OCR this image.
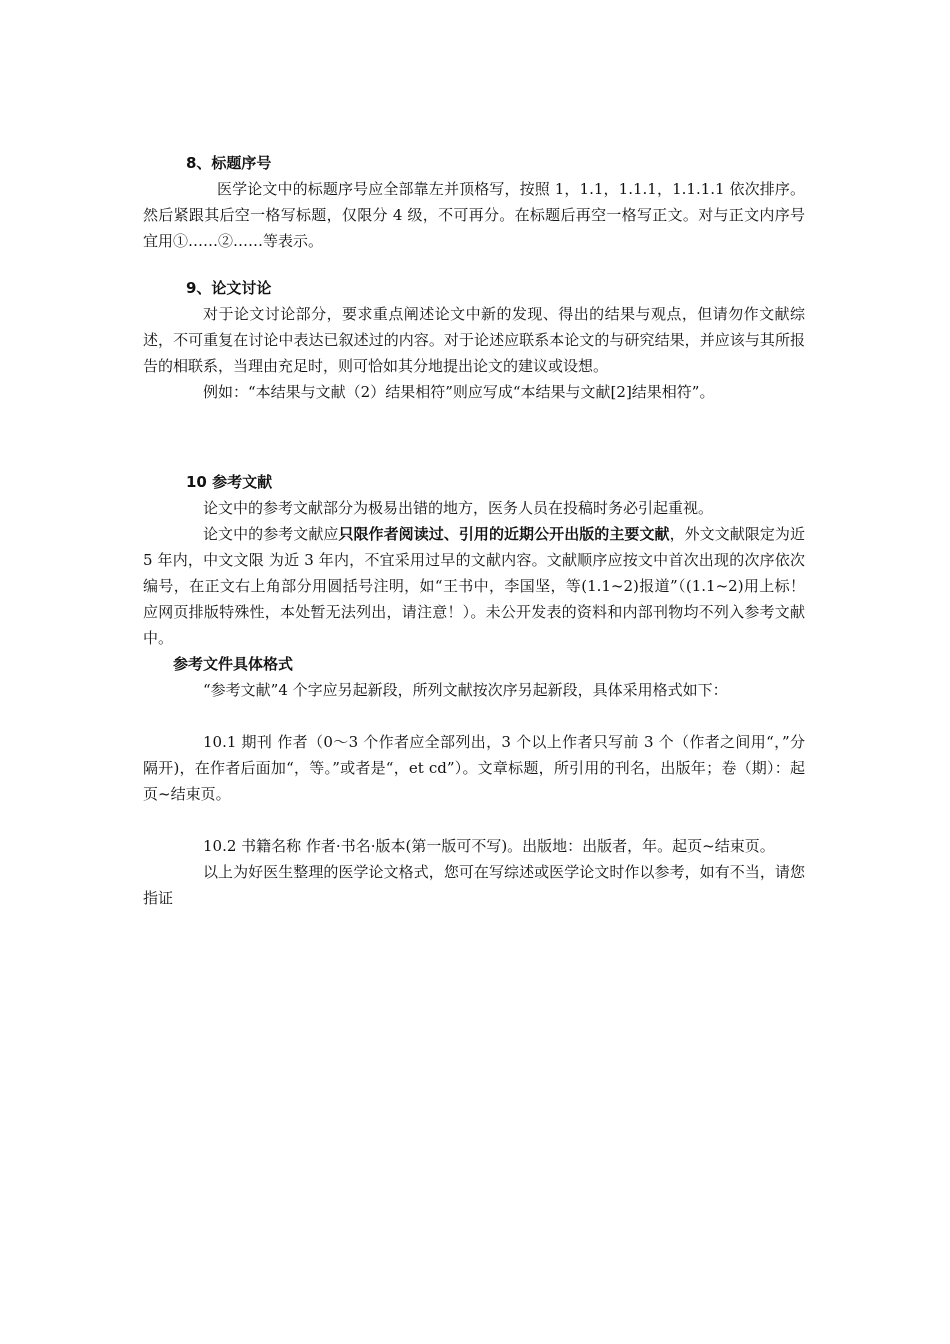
8、标题序号

医学论文中的标题序号应全部靠左并顶格写，按照 1，1.1，1.1.1，1.1.1.1 依次排序。然后紧跟其后空一格写标题，仅限分 4 级，不可再分。在标题后再空一格写正文。对与正文内序号宜用①……②……等表示。

9、论文讨论

对于论文讨论部分，要求重点阐述论文中新的发现、得出的结果与观点，但请勿作文献综述，不可重复在讨论中表达已叙述过的内容。对于论述应联系本论文的与研究结果，并应该与其所报告的相联系，当理由充足时，则可恰如其分地提出论文的建议或设想。

例如：“本结果与文献（2）结果相符”则应写成“本结果与文献[2]结果相符”。

10 参考文献

论文中的参考文献部分为极易出错的地方，医务人员在投稿时务必引起重视。

论文中的参考文献应只限作者阅读过、引用的近期公开出版的主要文献，外文文献限定为近 5 年内，中文文限 为近 3 年内，不宜采用过早的文献内容。文献顺序应按文中首次出现的次序依次编号，在正文右上角部分用圆括号注明，如“王书中，李国坚，等(1.1~2)报道”（(1.1~2)用上标！应网页排版特殊性，本处暂无法列出，请注意！）。未公开发表的资料和内部刊物均不列入参考文献中。

参考文件具体格式

“参考文献”4 个字应另起新段，所列文献按次序另起新段，具体采用格式如下：

10.1 期刊 作者（0～3 个作者应全部列出，3 个以上作者只写前 3 个（作者之间用“，”分隔开)，在作者后面加“，等。”或者是“，et cd”）。文章标题，所引用的刊名，出版年；卷（期）：起页~结束页。

10.2 书籍名称 作者·书名·版本(第一版可不写)。出版地：出版者，年。起页~结束页。

以上为好医生整理的医学论文格式，您可在写综述或医学论文时作以参考，如有不当，请您指证
